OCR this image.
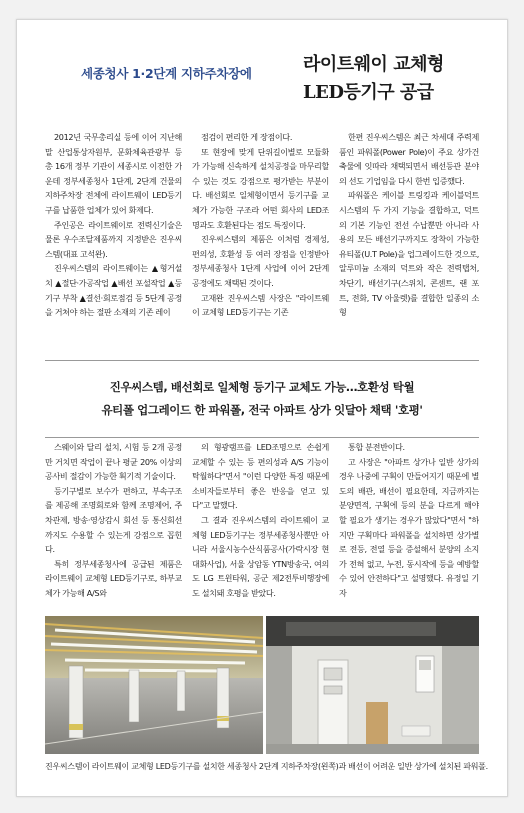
세종청사 1·2단계 지하주차장에	라이트웨이 교체형
LED등기구 공급

2012년 국무총리실 등에 이어 지난해 말 산업통상자원부, 문화체육관광부 등 총 16개 정부 기관이 세종시로 이전한 가운데 정부세종청사 1단계, 2단계 건물의 지하주차장 전체에 라이트웨이 LED등기구를 납품한 업체가 있어 화제다.

주인공은 라이트웨이로 전력신기술은 물론 우수조달제품까지 지정받은 진우씨스템(대표 고석완).

진우씨스템의 라이트웨이는 ▲형거설치 ▲절단·가공작업 ▲배선 포설작업 ▲등기구 부착 ▲결선·회로점검 등 5단계 공정을 거쳐야 하는 절판 소재의 기존 레이

점검이 편리한 게 장점이다.

또 현장에 맞게 단위길이별로 모듈화가 가능해 신속하게 설치공정을 마무리할 수 있는 것도 강점으로 평가받는 부분이다. 배선회로 일체형이면서 등기구를 교체가 가능한 구조라 어떤 회사의 LED조명과도 호환된다는 점도 특징이다.

진우씨스템의 제품은 이처럼 경제성, 편의성, 호환성 등 여러 장점을 인정받아 정부세종청사 1단계 사업에 이어 2단계 공정에도 채택된 것이다.

고재완 진우씨스템 사장은 "라이트웨이 교체형 LED등기구는 기존

한편 진우씨스템은 최근 차세대 주력제품인 파워폴(Power Pole)이 주요 상가건축물에 잇따라 채택되면서 배선등관 분야의 선도 기업임을 다시 한번 입증했다.

파워폴은 케이블 트링킹과 케이블덕트 시스템의 두 가지 기능을 결합하고, 덕트의 기본 기능인 전선 수납뿐만 아니라 사용의 모든 배선기구까지도 장착이 가능한 유티폴(U.T Pole)을 업그레이드한 것으로, 알루미늄 소재의 덕트와 작은 전력탭처, 차단기, 배선기구(스위치, 콘센트, 랜 포트, 전화, TV 아울렛)를 결합한 일종의 소형

진우씨스템, 배선회로 일체형 등기구 교체도 가능…호환성 탁월
유티폴 업그레이드 한 파워폴, 전국 아파트 상가 잇달아 채택 '호평'

스웨이와 달리 설치, 시험 등 2개 공정만 거치면 작업이 끝나 평균 20% 이상의 공사비 절감이 가능한 획기적 기술이다.

등기구별로 보수가 편하고, 부속구조를 제공해 조명회로와 함께 조명제어, 주차관제, 방송·영상감시 회선 등 통신회선까지도 수용할 수 있는게 강점으로 꼽힌다.

특히 정부세종청사에 공급된 제품은 라이트웨이 교체형 LED등기구로, 하부교체가 가능해 A/S와

의 형광램프를 LED조명으로 손쉽게 교체할 수 있는 등 편의성과 A/S 기능이 탁월하다"면서 "이런 다양한 특징 때문에 소비자들로부터 좋은 반응을 얻고 있다"고 말했다.

그 결과 진우씨스템의 라이트웨이 교체형 LED등기구는 정부세종청사뿐만 아니라 서울시농수산식품공사(가락시장 현대화사업), 서울 상암동 YTN방송국, 여의도 LG 트윈타워, 공군 제2전투비행장에도 설치돼 호평을 받았다.

통합 분전반이다.

고 사장은 "아파트 상가나 일반 상가의 경우 나중에 구획이 만들어지기 때문에 별도의 배관, 배선이 필요한데, 지금까지는 분양면적, 구획에 등의 분을 다르게 해야 할 필요가 생기는 경우가 많았다"면서 "하지만 구획마다 파워폴을 설치하면 상가별로 전등, 전열 등을 증설해서 분양의 소지가 전혀 없고, 누전, 동시작에 등을 예방할 수 있어 안전하다"고 설명했다. 유정일 기자

진우씨스템이 라이트웨이 교체형 LED등기구를 설치한 세종청사 2단계 지하주차장(왼쪽)과 배선이 어려운 일반 상가에 설치된 파워폴.
